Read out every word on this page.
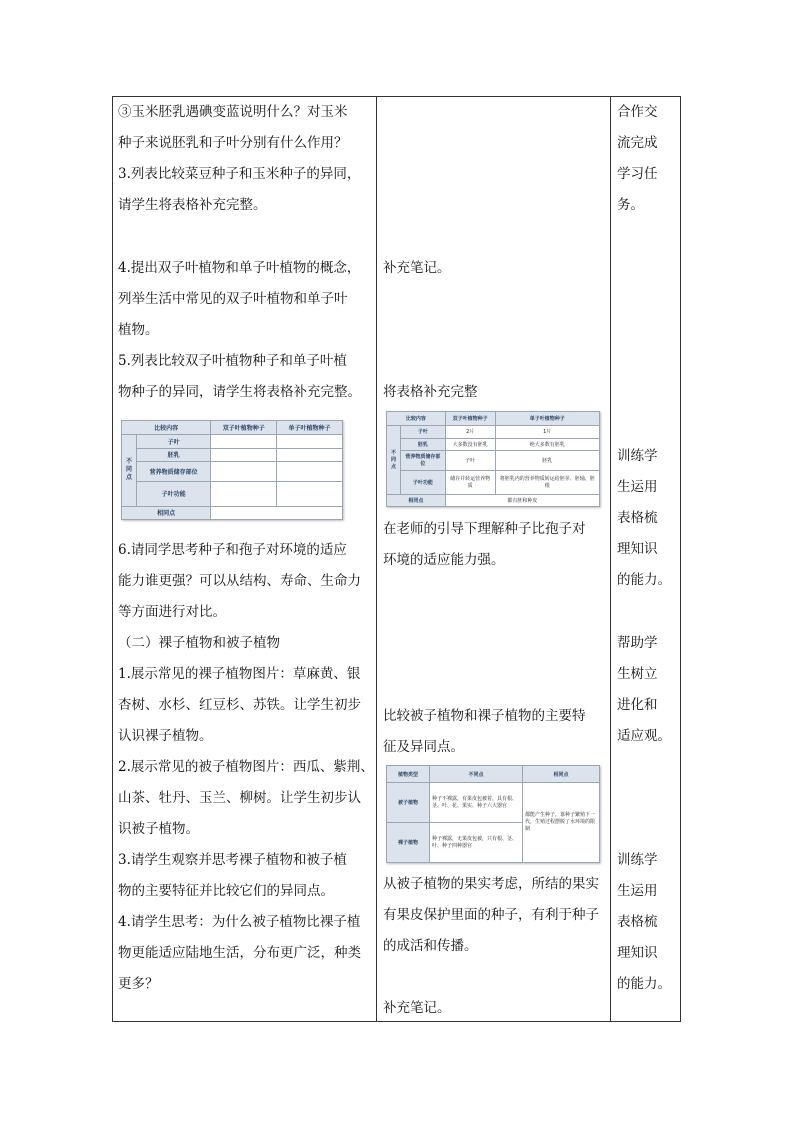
③玉米胚乳遇碘变蓝说明什么？对玉米
种子来说胚乳和子叶分别有什么作用？
3.列表比较菜豆种子和玉米种子的异同，
请学生将表格补充完整。
4.提出双子叶植物和单子叶植物的概念，
列举生活中常见的双子叶植物和单子叶
植物。
5.列表比较双子叶植物种子和单子叶植
物种子的异同，请学生将表格补充完整。
比较内容		双子叶植物种子	单子叶植物种子
不同点	子叶		
	胚乳		
	营养物质储存部位		
	子叶功能		
相同点			
6.请同学思考种子和孢子对环境的适应
能力谁更强？可以从结构、寿命、生命力
等方面进行对比。
（二）裸子植物和被子植物
1.展示常见的裸子植物图片：草麻黄、银
杏树、水杉、红豆杉、苏铁。让学生初步
认识裸子植物。
2.展示常见的被子植物图片：西瓜、紫荆、
山茶、牡丹、玉兰、柳树。让学生初步认
识被子植物。
3.请学生观察并思考裸子植物和被子植
物的主要特征并比较它们的异同点。
4.请学生思考：为什么被子植物比裸子植
物更能适应陆地生活，分布更广泛，种类
更多？
补充笔记。
将表格补充完整
比较内容		双子叶植物种子	单子叶植物种子
不同点	子叶	2片	1片
	胚乳	大多数没有胚乳	绝大多数有胚乳
	营养物质储存部位	子叶	胚乳
	子叶功能	储存并转运营养物质	将胚乳内的营养物质转运给胚芽、胚轴、胚根
相同点		都有胚和种皮	
在老师的引导下理解种子比孢子对
环境的适应能力强。
比较被子植物和裸子植物的主要特
征及异同点。
植物类型	不同点	相同点
被子植物	种子不裸露，有果皮包被着，具有根、茎、叶、花、果实、种子六大器官	都能产生种子，靠种子繁殖下一代，生殖过程摆脱了水环境的限制
裸子植物	种子裸露，无果皮包被，只有根、茎、叶、种子四种器官	
从被子植物的果实考虑，所结的果实
有果皮保护里面的种子，有利于种子
的成活和传播。
补充笔记。
合作交
流完成
学习任
务。
训练学
生运用
表格梳
理知识
的能力。
帮助学
生树立
进化和
适应观。
训练学
生运用
表格梳
理知识
的能力。
